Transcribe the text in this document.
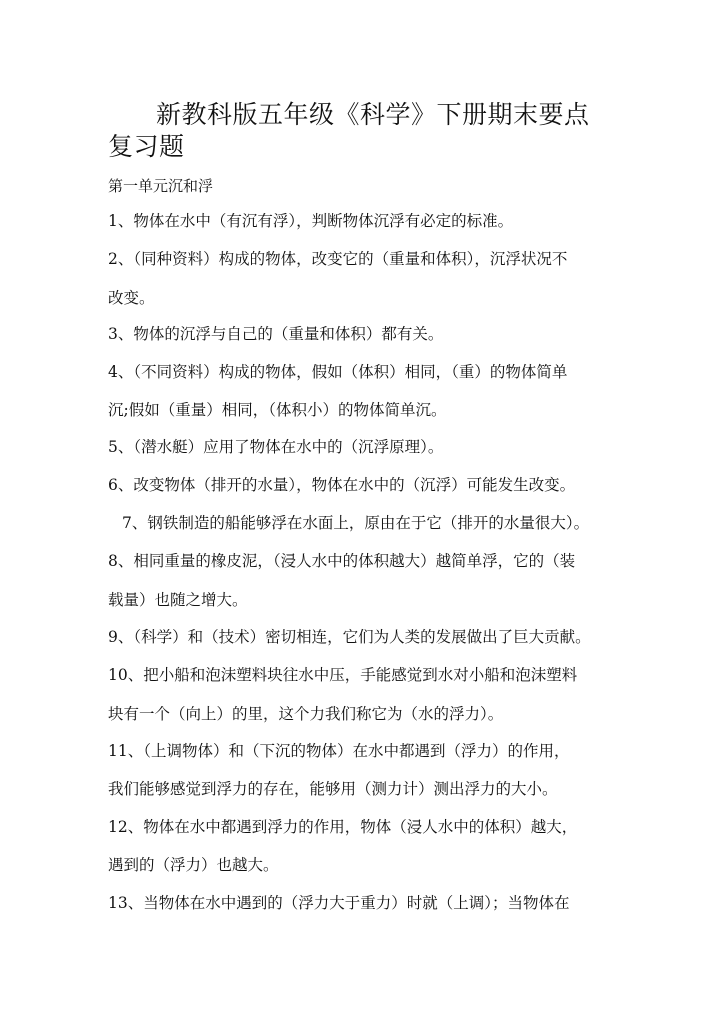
新教科版五年级《科学》下册期末要点
复习题
第一单元沉和浮
1、物体在水中（有沉有浮），判断物体沉浮有必定的标准。
2、（同种资料）构成的物体，改变它的（重量和体积），沉浮状况不
改变。
3、物体的沉浮与自己的（重量和体积）都有关。
4、（不同资料）构成的物体，假如（体积）相同，（重）的物体简单
沉;假如（重量）相同，（体积小）的物体简单沉。
5、（潜水艇）应用了物体在水中的（沉浮原理）。
6、改变物体（排开的水量），物体在水中的（沉浮）可能发生改变。
7、钢铁制造的船能够浮在水面上，原由在于它（排开的水量很大）。
8、相同重量的橡皮泥，（浸人水中的体积越大）越简单浮，它的（装
载量）也随之增大。
9、（科学）和（技术）密切相连，它们为人类的发展做出了巨大贡献。
10、把小船和泡沫塑料块往水中压，手能感觉到水对小船和泡沫塑料
块有一个（向上）的里，这个力我们称它为（水的浮力）。
11、（上调物体）和（下沉的物体）在水中都遇到（浮力）的作用，
我们能够感觉到浮力的存在，能够用（测力计）测出浮力的大小。
12、物体在水中都遇到浮力的作用，物体（浸人水中的体积）越大，
遇到的（浮力）也越大。
13、当物体在水中遇到的（浮力大于重力）时就（上调）；当物体在
